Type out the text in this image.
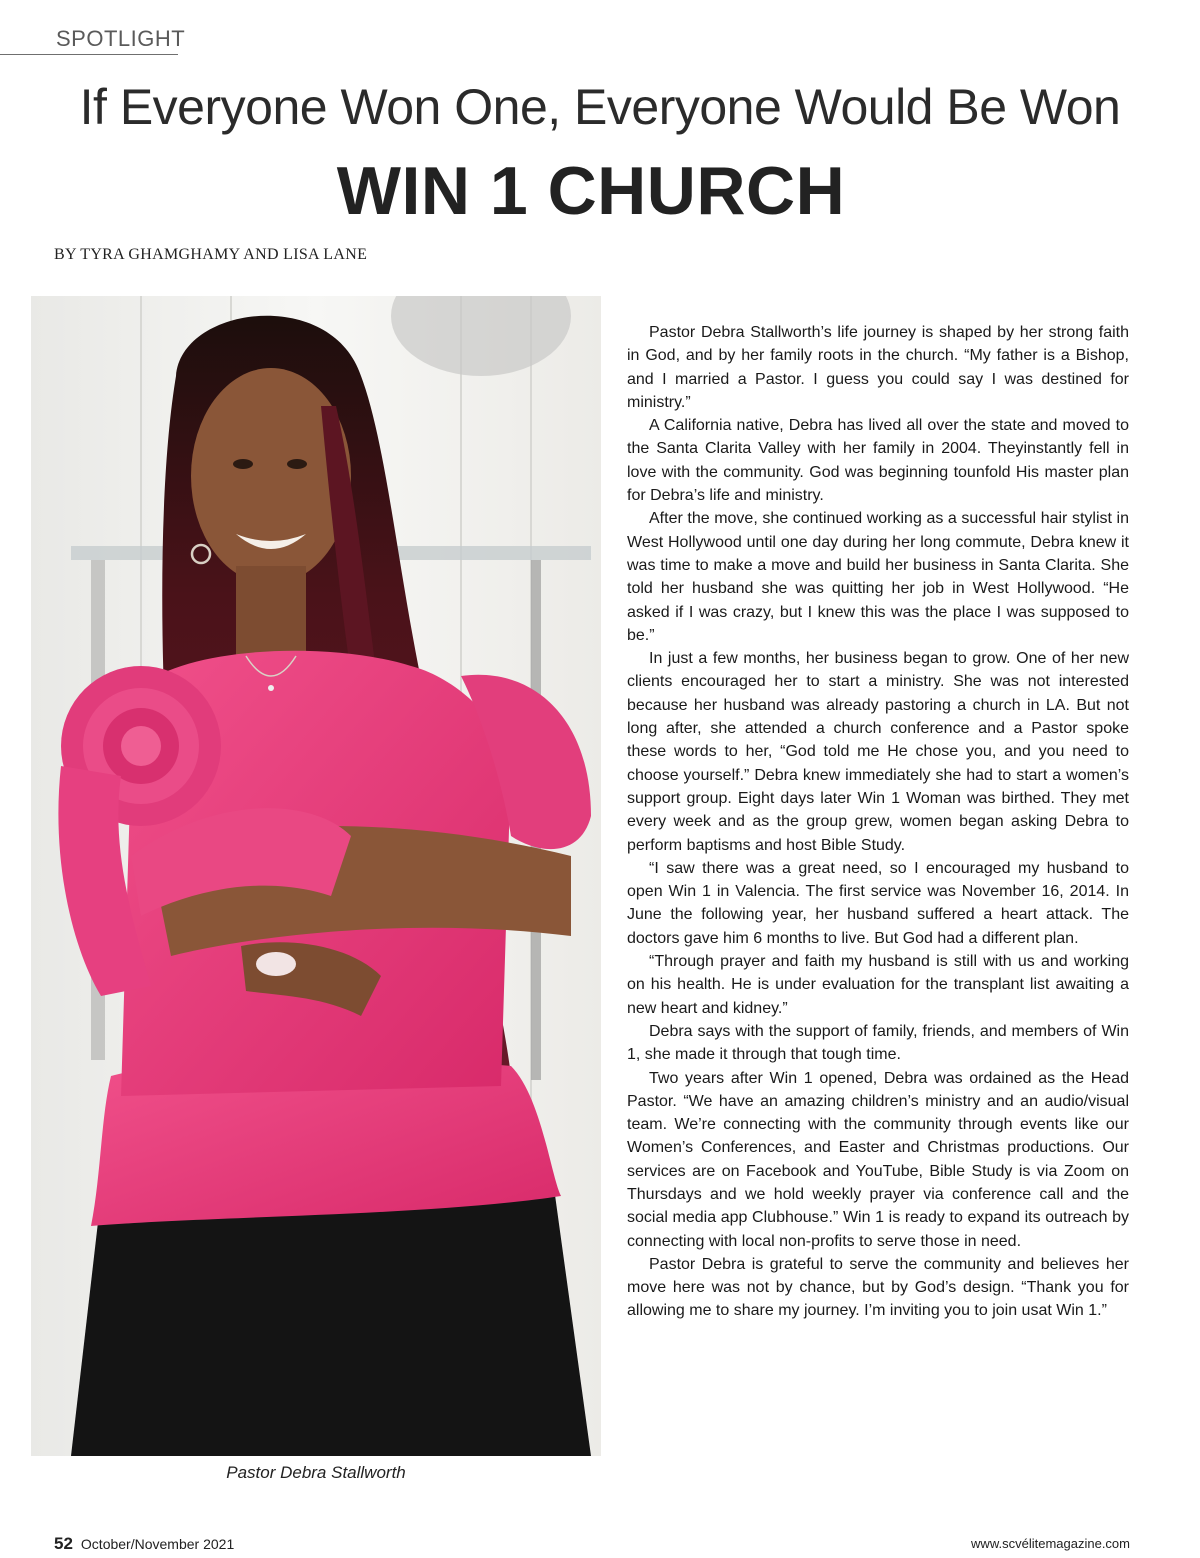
SPOTLIGHT
If Everyone Won One, Everyone Would Be Won
WIN 1 CHURCH
BY TYRA GHAMGHAMY AND LISA LANE
Pastor Debra Stallworth

Pastor Debra Stallworth’s life journey is shaped by her strong faith in God, and by her family roots in the church. “My father is a Bishop, and I married a Pastor. I guess you could say I was destined for ministry.”

A California native, Debra has lived all over the state and moved to the Santa Clarita Valley with her family in 2004. Theyinstantly fell in love with the community. God was beginning tounfold His master plan for Debra’s life and ministry.

After the move, she continued working as a successful hair stylist in West Hollywood until one day during her long commute, Debra knew it was time to make a move and build her business in Santa Clarita. She told her husband she was quitting her job in West Hollywood. “He asked if I was crazy, but I knew this was the place I was supposed to be.”

In just a few months, her business began to grow. One of her new clients encouraged her to start a ministry. She was not interested because her husband was already pastoring a church in LA. But not long after, she attended a church conference and a Pastor spoke these words to her, “God told me He chose you, and you need to choose yourself.” Debra knew immediately she had to start a women’s support group. Eight days later Win 1 Woman was birthed. They met every week and as the group grew, women began asking Debra to perform baptisms and host Bible Study.

“I saw there was a great need, so I encouraged my husband to open Win 1 in Valencia. The first service was November 16, 2014. In June the following year, her husband suffered a heart attack. The doctors gave him 6 months to live. But God had a different plan.

“Through prayer and faith my husband is still with us and working on his health. He is under evaluation for the transplant list awaiting a new heart and kidney.”

Debra says with the support of family, friends, and members of Win 1, she made it through that tough time.

Two years after Win 1 opened, Debra was ordained as the Head Pastor. “We have an amazing children’s ministry and an audio/visual team. We’re connecting with the community through events like our Women’s Conferences, and Easter and Christmas productions. Our services are on Facebook and YouTube, Bible Study is via Zoom on Thursdays and we hold weekly prayer via conference call and the social media app Clubhouse.” Win 1 is ready to expand its outreach by connecting with local non-profits to serve those in need.

Pastor Debra is grateful to serve the community and believes her move here was not by chance, but by God’s design. “Thank you for allowing me to share my journey. I’m inviting you to join usat Win 1.”

52 October/November 2021	www.scvélitemagazine.com
